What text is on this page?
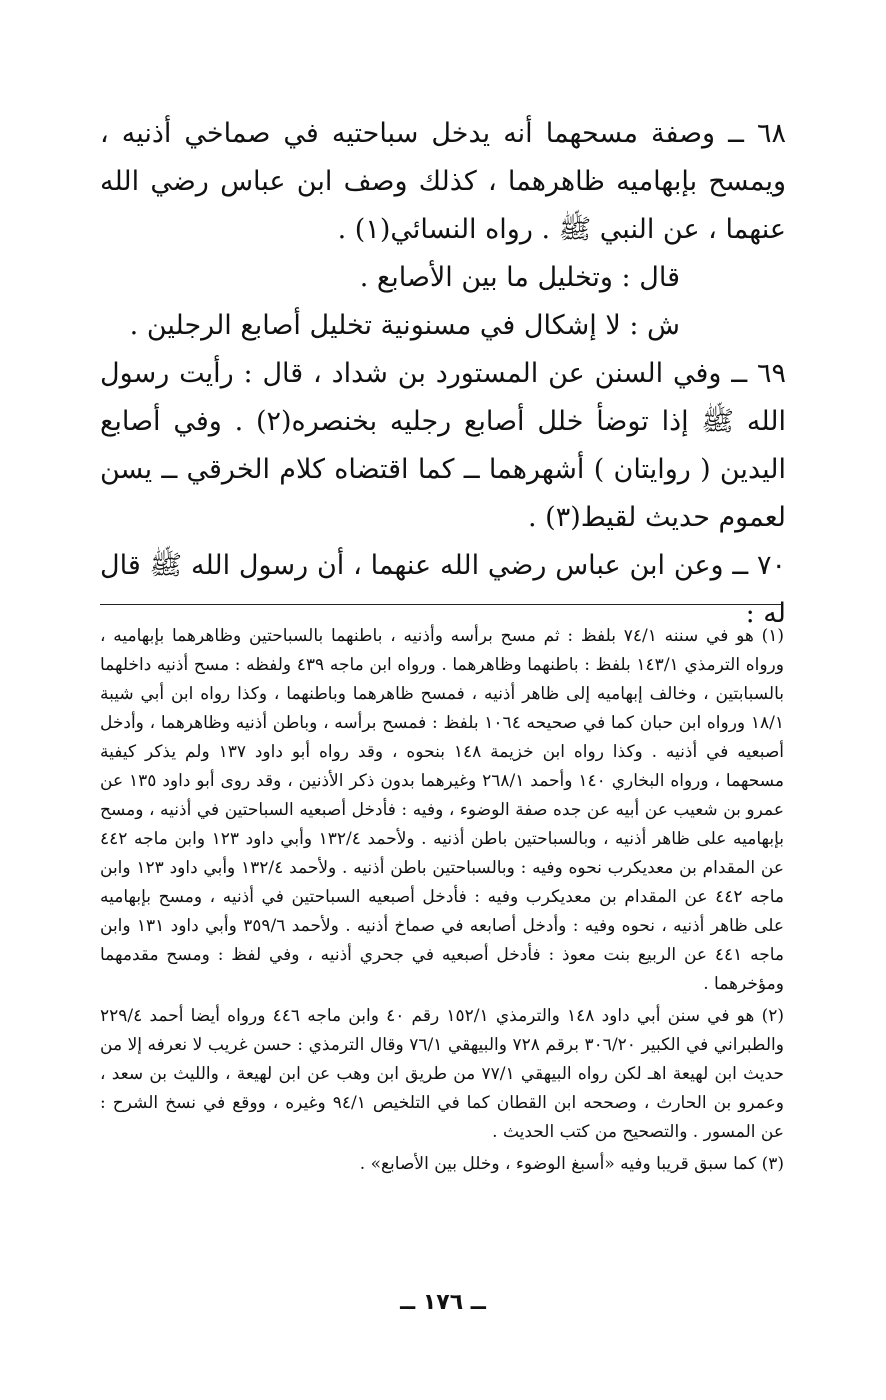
٦٨ ــ وصفة مسحهما أنه يدخل سباحتيه في صماخي أذنيه ، ويمسح بإبهاميه ظاهرهما ، كذلك وصف ابن عباس رضي الله عنهما ، عن النبي ﷺ . رواه النسائي(١) .

قال : وتخليل ما بين الأصابع .

ش : لا إشكال في مسنونية تخليل أصابع الرجلين .

٦٩ ــ وفي السنن عن المستورد بن شداد ، قال : رأيت رسول الله ﷺ إذا توضأ خلل أصابع رجليه بخنصره(٢) . وفي أصابع اليدين ( روايتان ) أشهرهما ــ كما اقتضاه كلام الخرقي ــ يسن لعموم حديث لقيط(٣) .

٧٠ ــ وعن ابن عباس رضي الله عنهما ، أن رسول الله ﷺ قال له :

(١) هو في سننه ٧٤/١ بلفظ : ثم مسح برأسه وأذنيه ، باطنهما بالسباحتين وظاهرهما بإبهاميه ، ورواه الترمذي ١٤٣/١ بلفظ : باطنهما وظاهرهما . ورواه ابن ماجه ٤٣٩ ولفظه : مسح أذنيه داخلهما بالسبابتين ، وخالف إبهاميه إلى ظاهر أذنيه ، فمسح ظاهرهما وباطنهما ، وكذا رواه ابن أبي شيبة ١٨/١ ورواه ابن حبان كما في صحيحه ١٠٦٤ بلفظ : فمسح برأسه ، وباطن أذنيه وظاهرهما ، وأدخل أصبعيه في أذنيه . وكذا رواه ابن خزيمة ١٤٨ بنحوه ، وقد رواه أبو داود ١٣٧ ولم يذكر كيفية مسحهما ، ورواه البخاري ١٤٠ وأحمد ٢٦٨/١ وغيرهما بدون ذكر الأذنين ، وقد روى أبو داود ١٣٥ عن عمرو بن شعيب عن أبيه عن جده صفة الوضوء ، وفيه : فأدخل أصبعيه السباحتين في أذنيه ، ومسح بإبهاميه على ظاهر أذنيه ، وبالسباحتين باطن أذنيه . ولأحمد ١٣٢/٤ وأبي داود ١٢٣ وابن ماجه ٤٤٢ عن المقدام بن معديكرب نحوه وفيه : وبالسباحتين باطن أذنيه . ولأحمد ١٣٢/٤ وأبي داود ١٢٣ وابن ماجه ٤٤٢ عن المقدام بن معديكرب وفيه : فأدخل أصبعيه السباحتين في أذنيه ، ومسح بإبهاميه على ظاهر أذنيه ، نحوه وفيه : وأدخل أصابعه في صماخ أذنيه . ولأحمد ٣٥٩/٦ وأبي داود ١٣١ وابن ماجه ٤٤١ عن الربيع بنت معوذ : فأدخل أصبعيه في جحري أذنيه ، وفي لفظ : ومسح مقدمهما ومؤخرهما .

(٢) هو في سنن أبي داود ١٤٨ والترمذي ١٥٢/١ رقم ٤٠ وابن ماجه ٤٤٦ ورواه أيضا أحمد ٢٢٩/٤ والطبراني في الكبير ٣٠٦/٢٠ برقم ٧٢٨ والبيهقي ٧٦/١ وقال الترمذي : حسن غريب لا نعرفه إلا من حديث ابن لهيعة اهـ لكن رواه البيهقي ٧٧/١ من طريق ابن وهب عن ابن لهيعة ، والليث بن سعد ، وعمرو بن الحارث ، وصححه ابن القطان كما في التلخيص ٩٤/١ وغيره ، ووقع في نسخ الشرح : عن المسور . والتصحيح من كتب الحديث .

(٣) كما سبق قريبا وفيه «أسبغ الوضوء ، وخلل بين الأصابع» .

ــ ١٧٦ ــ
